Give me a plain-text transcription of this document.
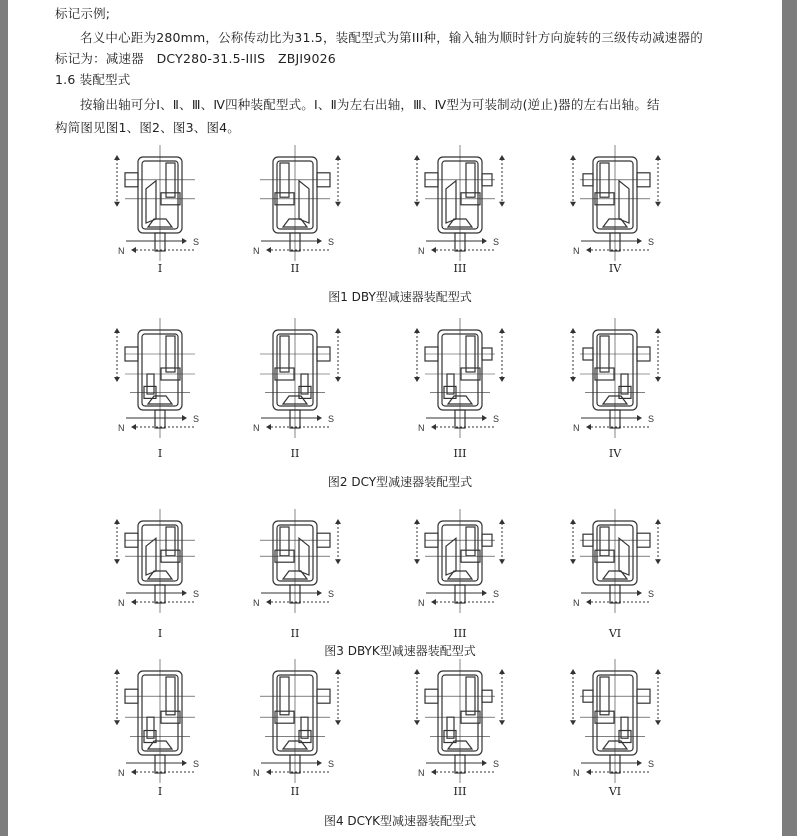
标记示例;
名义中心距为280mm，公称传动比为31.5，装配型式为第III种，输入轴为顺时针方向旋转的三级传动减速器的
标记为：减速器　DCY280-31.5-IIIS　ZBJI9026
1.6 装配型式
按输出轴可分Ⅰ、Ⅱ、Ⅲ、Ⅳ四种装配型式。Ⅰ、Ⅱ为左右出轴，Ⅲ、Ⅳ型为可装制动(逆止)器的左右出轴。结
构简图见图1、图2、图3、图4。
S
N
S
N
S
N
S
N
S
N
S
N
S
N
S
N
S
N
S
N
S
N
S
N
S
N
S
N
S
N
S
N
I	II	III	IV
图1 DBY型减速器装配型式
I	II	III	IV
图2 DCY型减速器装配型式
I	II	III	VI
图3 DBYK型减速器装配型式
I	II	III	VI
图4 DCYK型减速器装配型式
